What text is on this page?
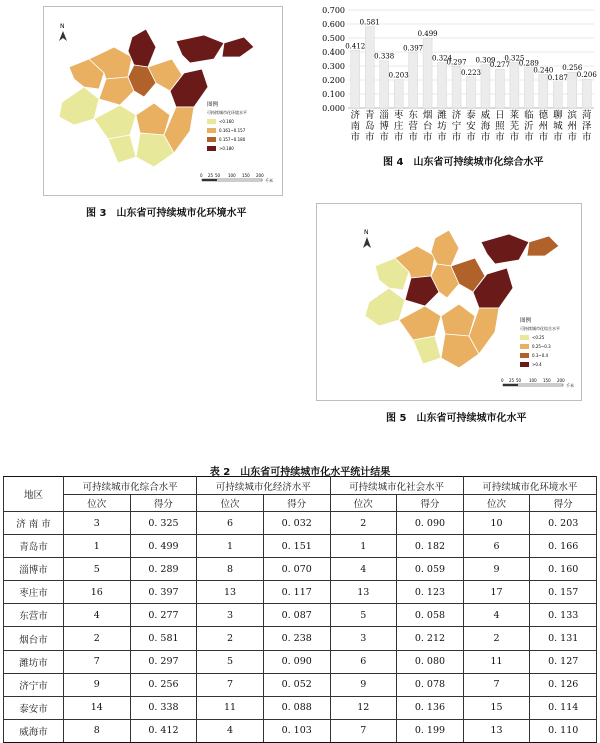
N
图例
可持续城市化环境水平
<0.160
0.161~0.157
0.157~0.180
>0.180
0 25 50 100 150 200
千米
图 3 山东省可持续城市化环境水平
0.000
0.100
0.200
0.300
0.400
0.500
0.600
0.700
0.412
0.581
0.338
0.203
0.397
0.499
0.324
0.297
0.223
0.309
0.277
0.325
0.289
0.240
0.187
0.256
0.206
济
南
市
青
岛
市
淄
博
市
枣
庄
市
东
营
市
烟
台
市
潍
坊
市
济
宁
市
泰
安
市
威
海
市
日
照
市
莱
芜
市
临
沂
市
德
州
市
聊
城
市
滨
州
市
菏
泽
市
图 4 山东省可持续城市化综合水平
N
图例
可持续城市化综合水平
<0.25
0.25~0.3
0.3~0.4
>0.4
0 25 50 100 150 200
千米
图 5 山东省可持续城市化水平
表 2　山东省可持续城市化水平统计结果
地区	可持续城市化综合水平		可持续城市化经济水平		可持续城市化社会水平		可持续城市化环境水平	
	位次	得分	位次	得分	位次	得分	位次	得分
济 南 市	3	0. 325	6	0. 032	2	0. 090	10	0. 203
青岛市	1	0. 499	1	0. 151	1	0. 182	6	0. 166
淄博市	5	0. 289	8	0. 070	4	0. 059	9	0. 160
枣庄市	16	0. 397	13	0. 117	13	0. 123	17	0. 157
东营市	4	0. 277	3	0. 087	5	0. 058	4	0. 133
烟台市	2	0. 581	2	0. 238	3	0. 212	2	0. 131
潍坊市	7	0. 297	5	0. 090	6	0. 080	11	0. 127
济宁市	9	0. 256	7	0. 052	9	0. 078	7	0. 126
泰安市	14	0. 338	11	0. 088	12	0. 136	15	0. 114
威海市	8	0. 412	4	0. 103	7	0. 199	13	0. 110
